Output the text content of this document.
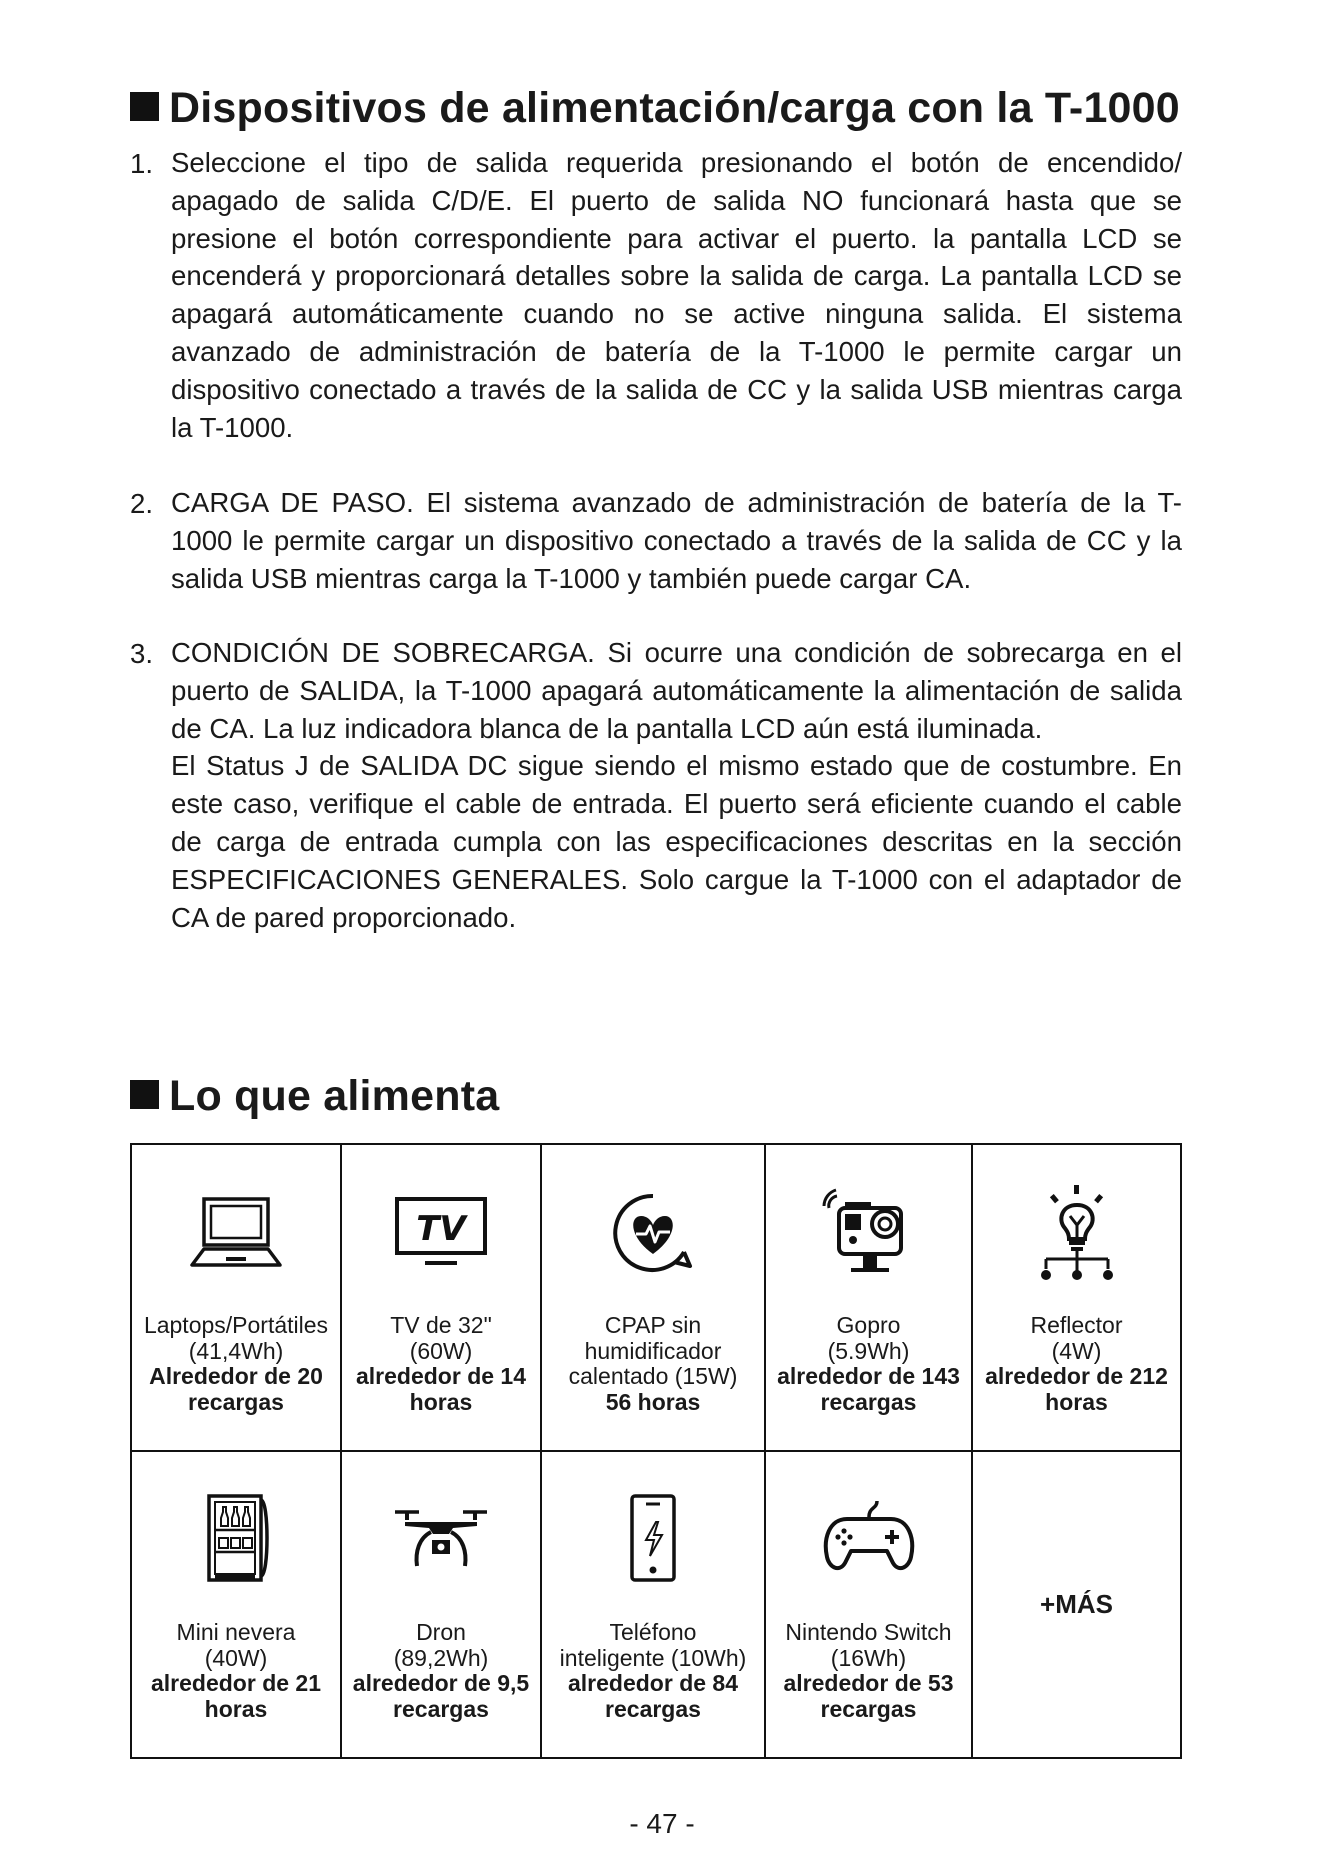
Dispositivos de alimentación/carga con la T-1000
1. Seleccione el tipo de salida requerida presionando el botón de encendido/ apagado de salida C/D/E. El puerto de salida NO funcionará hasta que se presione el botón correspondiente para activar el puerto. la pantalla LCD se encenderá y proporcionará detalles sobre la salida de carga. La pantalla LCD se apagará automáticamente cuando no se active ninguna salida. El sistema avanzado de administración de batería de la T-1000 le permite cargar un dispositivo conectado a través de la salida de CC y la salida USB mientras carga la T-1000.

2. CARGA DE PASO. El sistema avanzado de administración de batería de la T-1000 le permite cargar un dispositivo conectado a través de la salida de CC y la salida USB mientras carga la T-1000 y también puede cargar CA.

3. CONDICIÓN DE SOBRECARGA. Si ocurre una condición de sobrecarga en el puerto de SALIDA, la T-1000 apagará automáticamente la alimentación de salida de CA. La luz indicadora blanca de la pantalla LCD aún está iluminada.

El Status J de SALIDA DC sigue siendo el mismo estado que de costumbre. En este caso, verifique el cable de entrada. El puerto será eficiente cuando el cable de carga de entrada cumpla con las especificaciones descritas en la sección ESPECIFICACIONES GENERALES. Solo cargue la T-1000 con el adaptador de CA de pared proporcionado.

Lo que alimenta
Laptops/Portátiles
(41,4Wh)
Alrededor de 20 recargas	TV
TV de 32"
(60W)
alrededor de 14 horas	CPAP sin humidificador
calentado (15W)
56 horas	Gopro
(5.9Wh)
alrededor de 143 recargas	Reflector
(4W)
alrededor de 212 horas

Mini nevera
(40W)
alrededor de 21 horas	Dron
(89,2Wh)
alrededor de 9,5 recargas	Teléfono
inteligente (10Wh)
alrededor de 84 recargas	Nintendo Switch
(16Wh)
alrededor de 53 recargas	+MÁS
- 47 -
